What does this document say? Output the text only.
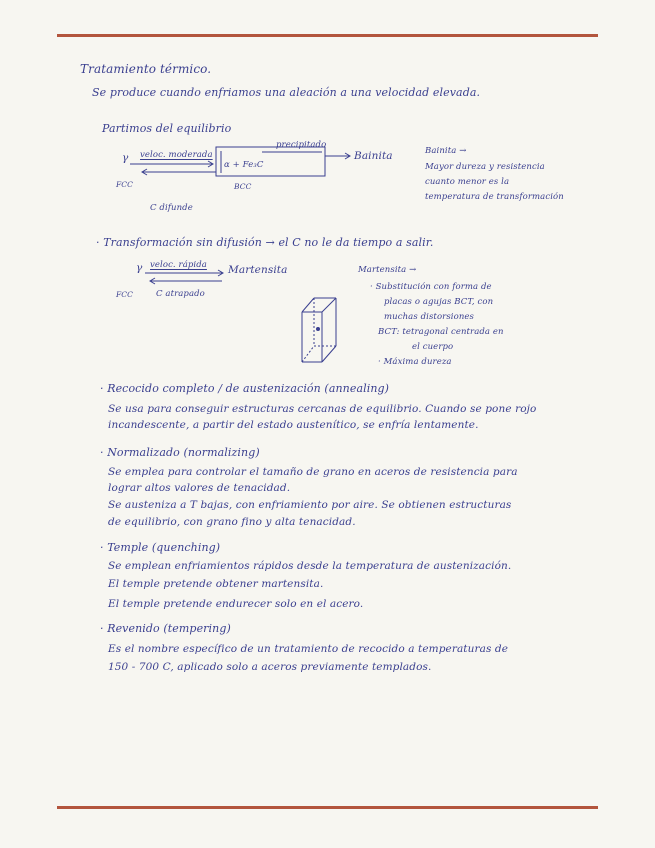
Tratamiento térmico.
Se produce cuando enfriamos una aleación a una velocidad elevada.
Partimos del equilibrio
γ veloc. moderada
α + Fe₃C
precipitado
Bainita
FCC	BCC
C difunde
Bainita →
Mayor dureza y resistencia
cuanto menor es la
temperatura de transformación
· Transformación sin difusión → el C no le da tiempo a salir.
γ veloc. rápida Martensita
FCC	C atrapado
Martensita →
· Substitución con forma de
placas o agujas BCT, con
muchas distorsiones
BCT: tetragonal centrada en
el cuerpo
· Máxima dureza
· Recocido completo / de austenización (annealing)
Se usa para conseguir estructuras cercanas de equilibrio. Cuando se pone rojo
incandescente, a partir del estado austenítico, se enfría lentamente.
· Normalizado (normalizing)
Se emplea para controlar el tamaño de grano en aceros de resistencia para
lograr altos valores de tenacidad.
Se austeniza a T bajas, con enfriamiento por aire. Se obtienen estructuras
de equilibrio, con grano fino y alta tenacidad.
· Temple (quenching)
Se emplean enfriamientos rápidos desde la temperatura de austenización.
El temple pretende obtener martensita.
El temple pretende endurecer solo en el acero.
· Revenido (tempering)
Es el nombre específico de un tratamiento de recocido a temperaturas de
150 - 700 C, aplicado solo a aceros previamente templados.
